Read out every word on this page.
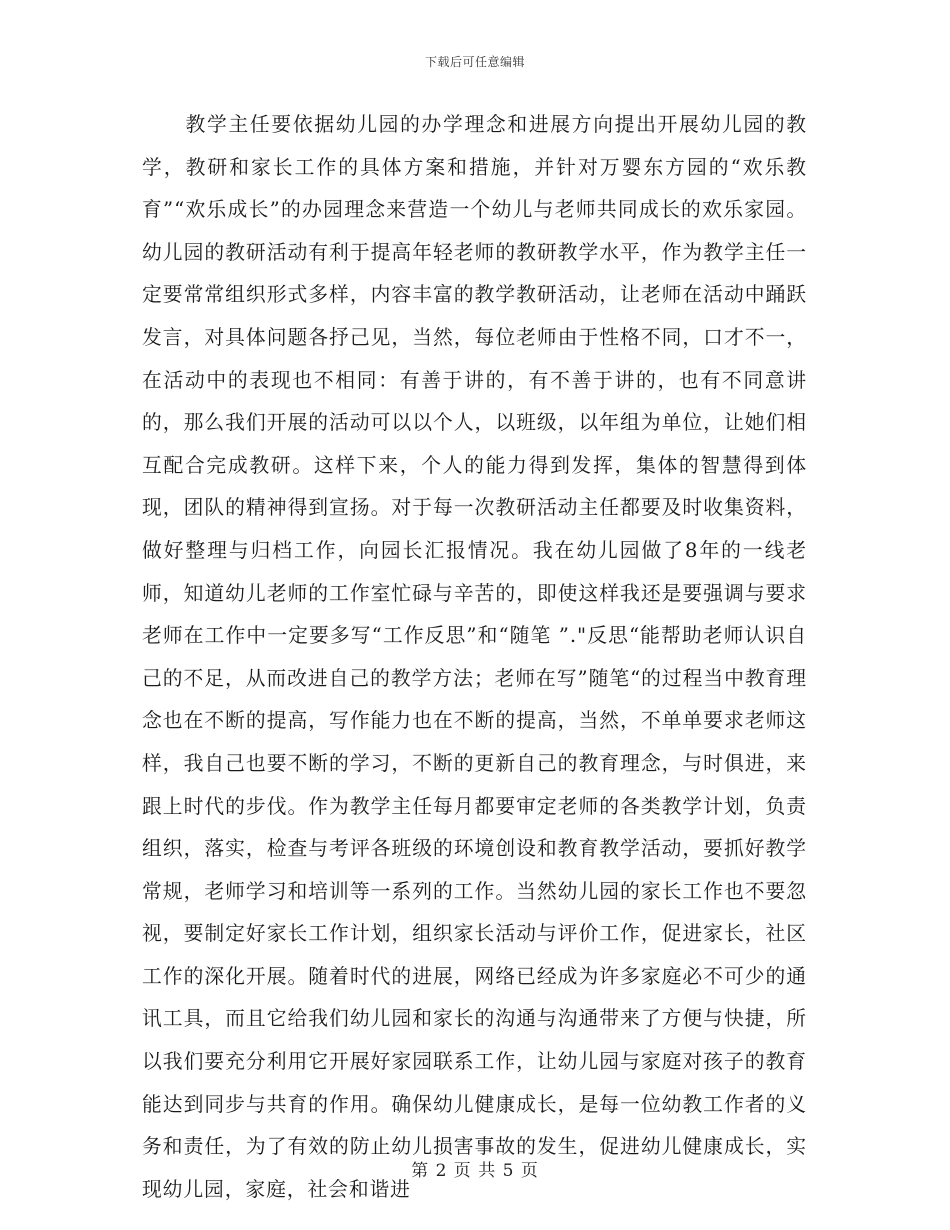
下载后可任意编辑

教学主任要依据幼儿园的办学理念和进展方向提出开展幼儿园的教学，教研和家长工作的具体方案和措施，并针对万婴东方园的“欢乐教育”“欢乐成长”的办园理念来营造一个幼儿与老师共同成长的欢乐家园。幼儿园的教研活动有利于提高年轻老师的教研教学水平，作为教学主任一定要常常组织形式多样，内容丰富的教学教研活动，让老师在活动中踊跃发言，对具体问题各抒己见，当然，每位老师由于性格不同，口才不一，在活动中的表现也不相同：有善于讲的，有不善于讲的，也有不同意讲的，那么我们开展的活动可以以个人，以班级，以年组为单位，让她们相互配合完成教研。这样下来，个人的能力得到发挥，集体的智慧得到体现，团队的精神得到宣扬。对于每一次教研活动主任都要及时收集资料，做好整理与归档工作，向园长汇报情况。我在幼儿园做了8年的一线老师，知道幼儿老师的工作室忙碌与辛苦的，即使这样我还是要强调与要求老师在工作中一定要多写“工作反思”和“随笔 ”."反思“能帮助老师认识自己的不足，从而改进自己的教学方法；老师在写”随笔“的过程当中教育理念也在不断的提高，写作能力也在不断的提高，当然，不单单要求老师这样，我自己也要不断的学习，不断的更新自己的教育理念，与时俱进，来跟上时代的步伐。作为教学主任每月都要审定老师的各类教学计划，负责组织，落实，检查与考评各班级的环境创设和教育教学活动，要抓好教学常规，老师学习和培训等一系列的工作。当然幼儿园的家长工作也不要忽视，要制定好家长工作计划，组织家长活动与评价工作，促进家长，社区工作的深化开展。随着时代的进展，网络已经成为许多家庭必不可少的通讯工具，而且它给我们幼儿园和家长的沟通与沟通带来了方便与快捷，所以我们要充分利用它开展好家园联系工作，让幼儿园与家庭对孩子的教育能达到同步与共育的作用。确保幼儿健康成长，是每一位幼教工作者的义务和责任，为了有效的防止幼儿损害事故的发生，促进幼儿健康成长，实现幼儿园，家庭，社会和谐进

第 2 页 共 5 页
